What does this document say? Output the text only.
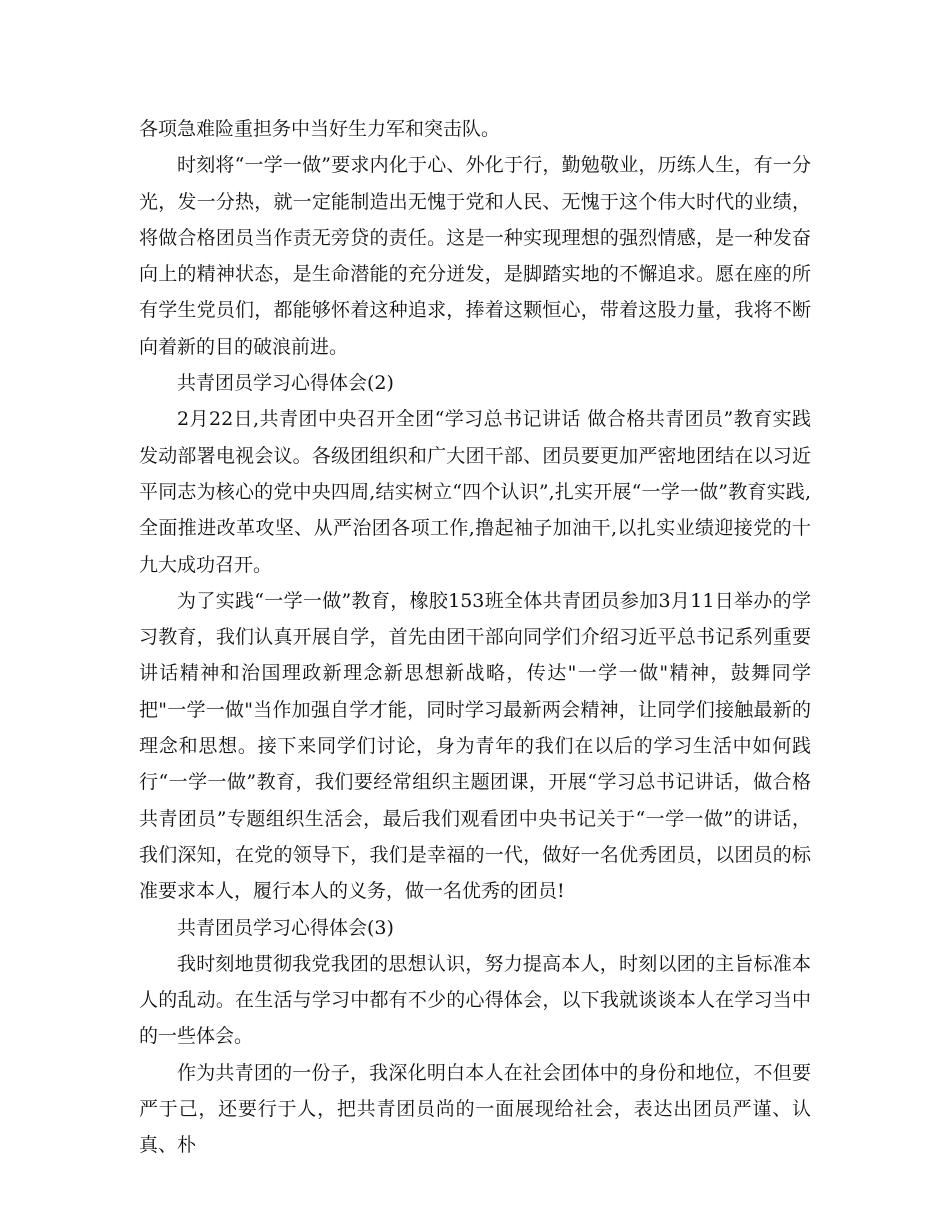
各项急难险重担务中当好生力军和突击队。

时刻将“一学一做”要求内化于心、外化于行，勤勉敬业，历练人生，有一分光，发一分热，就一定能制造出无愧于党和人民、无愧于这个伟大时代的业绩，将做合格团员当作责无旁贷的责任。这是一种实现理想的强烈情感，是一种发奋向上的精神状态，是生命潜能的充分迸发，是脚踏实地的不懈追求。愿在座的所有学生党员们，都能够怀着这种追求，捧着这颗恒心，带着这股力量，我将不断向着新的目的破浪前进。

共青团员学习心得体会(2)

2月22日,共青团中央召开全团“学习总书记讲话 做合格共青团员”教育实践发动部署电视会议。各级团组织和广大团干部、团员要更加严密地团结在以习近平同志为核心的党中央四周,结实树立“四个认识”,扎实开展“一学一做”教育实践,全面推进改革攻坚、从严治团各项工作,撸起袖子加油干,以扎实业绩迎接党的十九大成功召开。

为了实践“一学一做”教育，橡胶153班全体共青团员参加3月11日举办的学习教育，我们认真开展自学，首先由团干部向同学们介绍习近平总书记系列重要讲话精神和治国理政新理念新思想新战略，传达"一学一做"精神，鼓舞同学把"一学一做"当作加强自学才能，同时学习最新两会精神，让同学们接触最新的理念和思想。接下来同学们讨论，身为青年的我们在以后的学习生活中如何践行“一学一做”教育，我们要经常组织主题团课，开展“学习总书记讲话，做合格共青团员”专题组织生活会，最后我们观看团中央书记关于“一学一做”的讲话，我们深知，在党的领导下，我们是幸福的一代，做好一名优秀团员，以团员的标准要求本人，履行本人的义务，做一名优秀的团员!

共青团员学习心得体会(3)

我时刻地贯彻我党我团的思想认识，努力提高本人，时刻以团的主旨标准本人的乱动。在生活与学习中都有不少的心得体会，以下我就谈谈本人在学习当中的一些体会。

作为共青团的一份子，我深化明白本人在社会团体中的身份和地位，不但要严于己，还要行于人，把共青团员尚的一面展现给社会，表达出团员严谨、认真、朴
